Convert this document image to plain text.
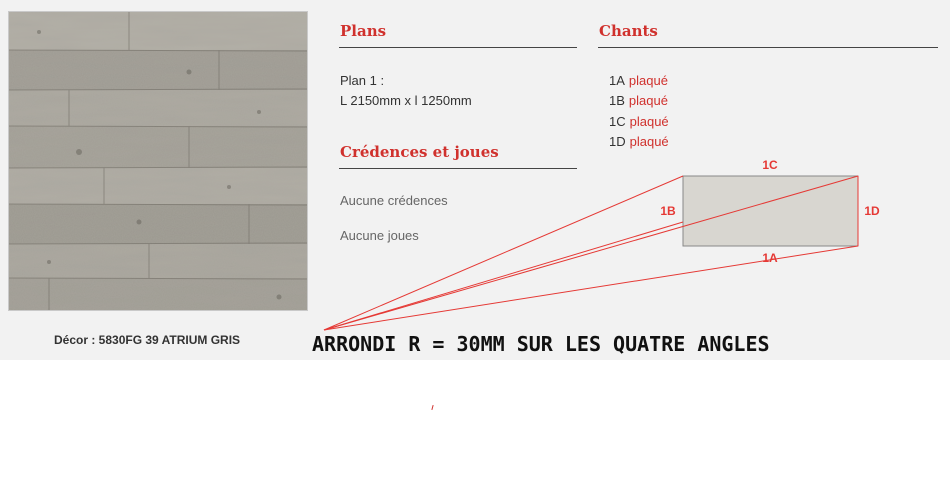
Décor : 5830FG 39 ATRIUM GRIS
Plans
Plan 1 :
L 2150mm x l 1250mm
Crédences et joues
Aucune crédences
Aucune joues
Chants
1A plaqué
1B plaqué
1C plaqué
1D plaqué
1C
1B	1D
1A
ARRONDI R = 30MM SUR LES QUATRE ANGLES
